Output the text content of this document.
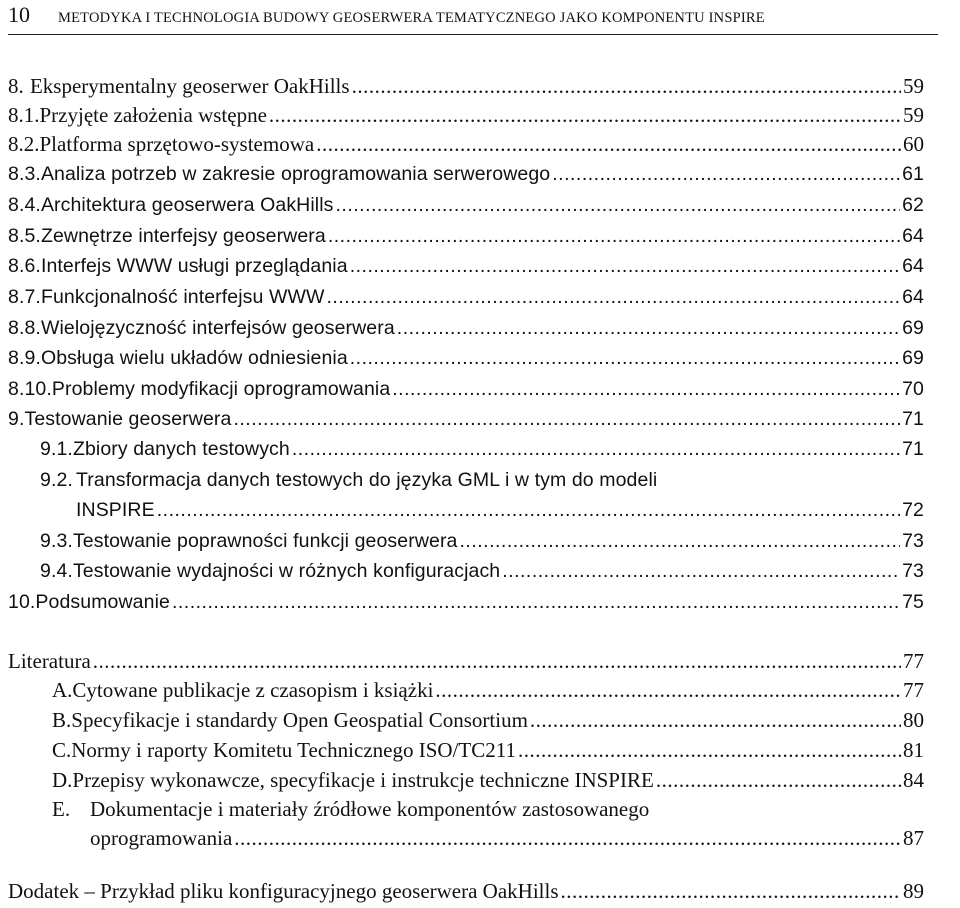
10 METODYKA I TECHNOLOGIA BUDOWY GEOSERWERA TEMATYCZNEGO JAKO KOMPONENTU INSPIRE
8. Eksperymentalny geoserwer OakHills .....	59
8.1. Przyjęte założenia wstępne .....	59
8.2. Platforma sprzętowo-systemowa .....	60
8.3. Analiza potrzeb w zakresie oprogramowania serwerowego .....	61
8.4. Architektura geoserwera OakHills .....	62
8.5. Zewnętrze interfejsy geoserwera .....	64
8.6. Interfejs WWW usługi przeglądania .....	64
8.7. Funkcjonalność interfejsu WWW .....	64
8.8. Wielojęzyczność interfejsów geoserwera .....	69
8.9. Obsługa wielu układów odniesienia .....	69
8.10. Problemy modyfikacji oprogramowania .....	70
9. Testowanie geoserwera .....	71
9.1. Zbiory danych testowych .....	71
9.2. Transformacja danych testowych do języka GML i w tym do modeli
INSPIRE .....	72
9.3. Testowanie poprawności funkcji geoserwera .....	73
9.4. Testowanie wydajności w różnych konfiguracjach .....	73
10. Podsumowanie .....	75
Literatura .....	77
A. Cytowane publikacje z czasopism i książki .....	77
B. Specyfikacje i standardy Open Geospatial Consortium .....	80
C. Normy i raporty Komitetu Technicznego ISO/TC211 .....	81
D. Przepisy wykonawcze, specyfikacje i instrukcje techniczne INSPIRE .....	84
E. Dokumentacje i materiały źródłowe komponentów zastosowanego
oprogramowania .....	87
Dodatek – Przykład pliku konfiguracyjnego geoserwera OakHills .....	89
